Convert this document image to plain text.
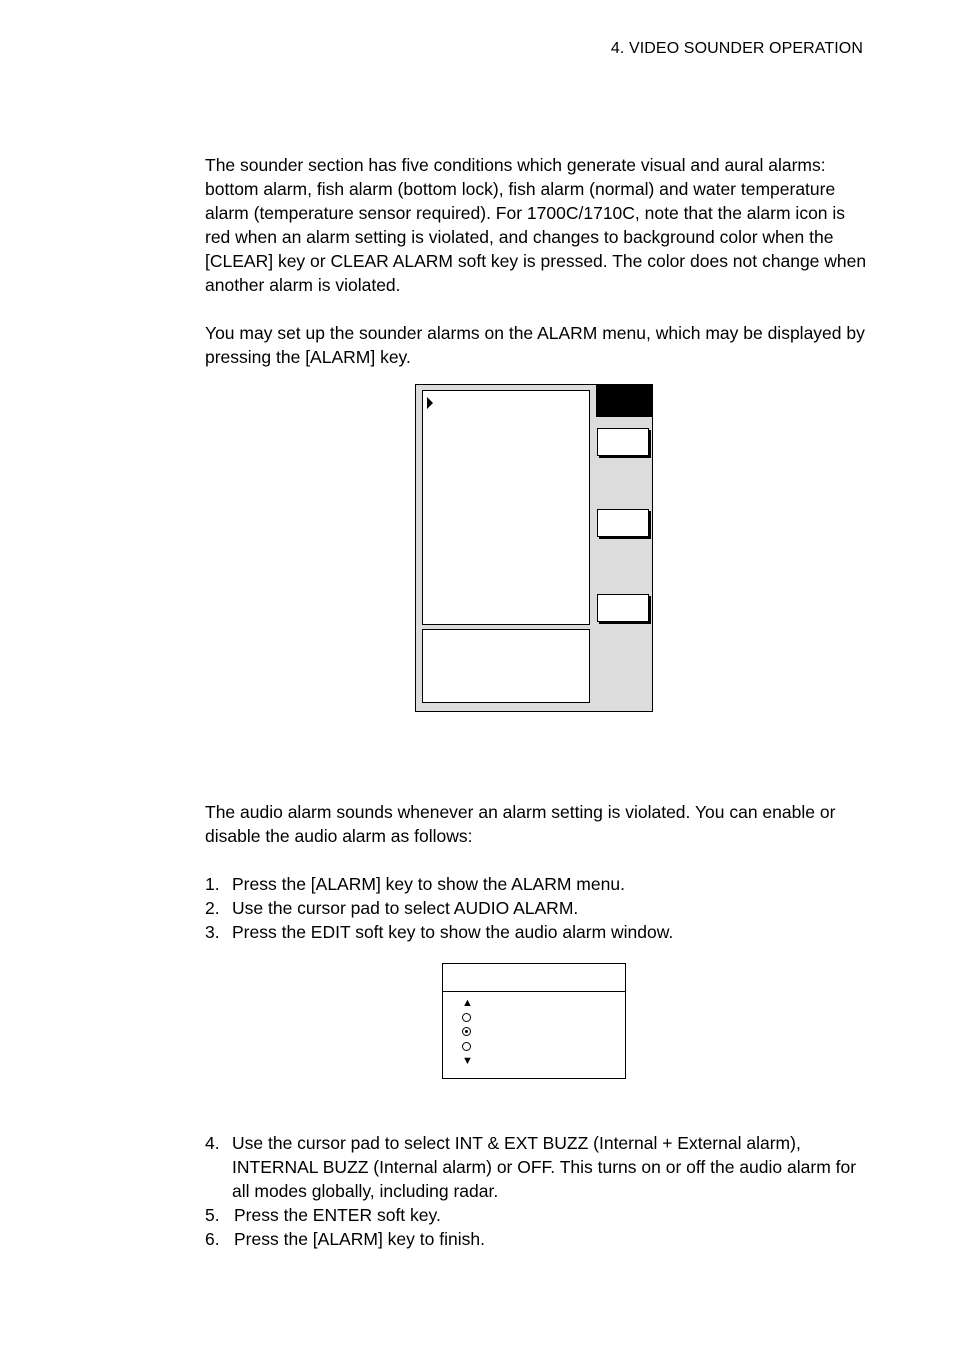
4. VIDEO SOUNDER OPERATION
The sounder section has five conditions which generate visual and aural alarms: bottom alarm, fish alarm (bottom lock), fish alarm (normal) and water temperature alarm (temperature sensor required). For 1700C/1710C, note that the alarm icon is red when an alarm setting is violated, and changes to background color when the [CLEAR] key or CLEAR ALARM soft key is pressed. The color does not change when another alarm is violated.
You may set up the sounder alarms on the ALARM menu, which may be displayed by pressing the [ALARM] key.
The audio alarm sounds whenever an alarm setting is violated. You can enable or disable the audio alarm as follows:
1. Press the [ALARM] key to show the ALARM menu.
2. Use the cursor pad to select AUDIO ALARM.
3. Press the EDIT soft key to show the audio alarm window.
▲
▼
4. Use the cursor pad to select INT & EXT BUZZ (Internal + External alarm), INTERNAL BUZZ (Internal alarm) or OFF. This turns on or off the audio alarm for all modes globally, including radar.
5. Press the ENTER soft key.
6. Press the [ALARM] key to finish.
